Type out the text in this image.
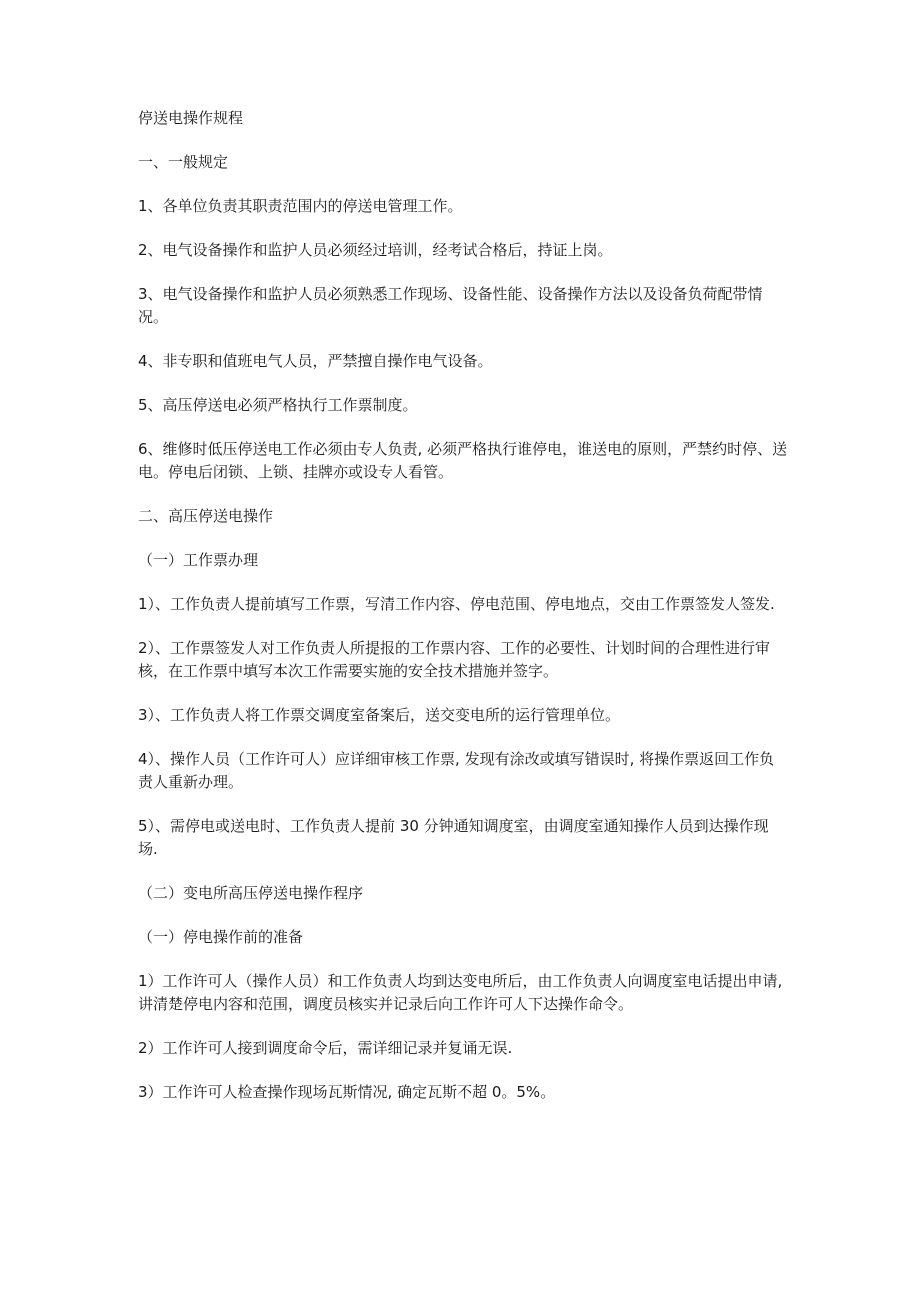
停送电操作规程
一、一般规定
1、各单位负责其职责范围内的停送电管理工作。
2、电气设备操作和监护人员必须经过培训，经考试合格后，持证上岗。
3、电气设备操作和监护人员必须熟悉工作现场、设备性能、设备操作方法以及设备负荷配带情况。
4、非专职和值班电气人员，严禁擅自操作电气设备。
5、高压停送电必须严格执行工作票制度。
6、维修时低压停送电工作必须由专人负责, 必须严格执行谁停电，谁送电的原则，严禁约时停、送电。停电后闭锁、上锁、挂牌亦或设专人看管。
二、高压停送电操作
（一）工作票办理
1）、工作负责人提前填写工作票，写清工作内容、停电范围、停电地点，交由工作票签发人签发.
2）、工作票签发人对工作负责人所提报的工作票内容、工作的必要性、计划时间的合理性进行审核，在工作票中填写本次工作需要实施的安全技术措施并签字。
3）、工作负责人将工作票交调度室备案后，送交变电所的运行管理单位。
4）、操作人员（工作许可人）应详细审核工作票, 发现有涂改或填写错误时, 将操作票返回工作负责人重新办理。
5）、需停电或送电时、工作负责人提前 30 分钟通知调度室，由调度室通知操作人员到达操作现场.
（二）变电所高压停送电操作程序
（一）停电操作前的准备
1）工作许可人（操作人员）和工作负责人均到达变电所后，由工作负责人向调度室电话提出申请, 讲清楚停电内容和范围，调度员核实并记录后向工作许可人下达操作命令。
2）工作许可人接到调度命令后，需详细记录并复诵无误.
3）工作许可人检查操作现场瓦斯情况, 确定瓦斯不超 0。5%。
